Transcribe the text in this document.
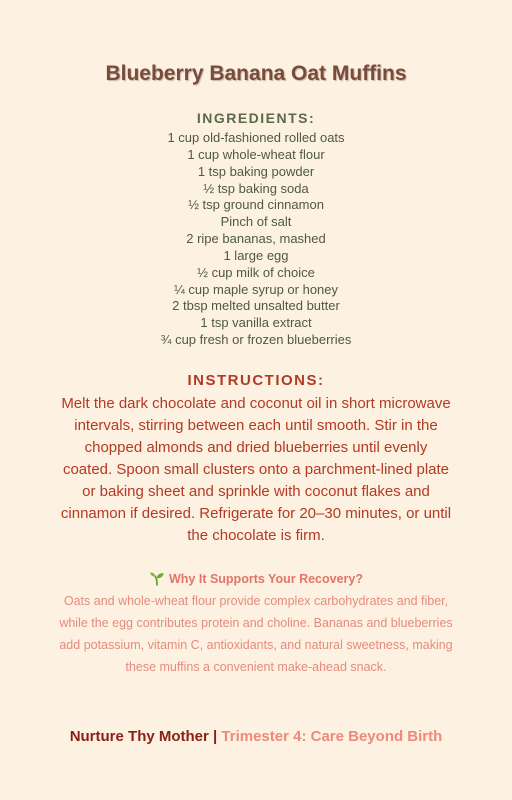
Blueberry Banana Oat Muffins
INGREDIENTS:
1 cup old-fashioned rolled oats
1 cup whole-wheat flour
1 tsp baking powder
½ tsp baking soda
½ tsp ground cinnamon
Pinch of salt
2 ripe bananas, mashed
1 large egg
½ cup milk of choice
¼ cup maple syrup or honey
2 tbsp melted unsalted butter
1 tsp vanilla extract
¾ cup fresh or frozen blueberries
INSTRUCTIONS:

Melt the dark chocolate and coconut oil in short microwave intervals, stirring between each until smooth. Stir in the chopped almonds and dried blueberries until evenly coated. Spoon small clusters onto a parchment-lined plate or baking sheet and sprinkle with coconut flakes and cinnamon if desired. Refrigerate for 20–30 minutes, or until the chocolate is firm.

Why It Supports Your Recovery?

Oats and whole-wheat flour provide complex carbohydrates and fiber, while the egg contributes protein and choline. Bananas and blueberries add potassium, vitamin C, antioxidants, and natural sweetness, making these muffins a convenient make-ahead snack.

Nurture Thy Mother | Trimester 4: Care Beyond Birth
